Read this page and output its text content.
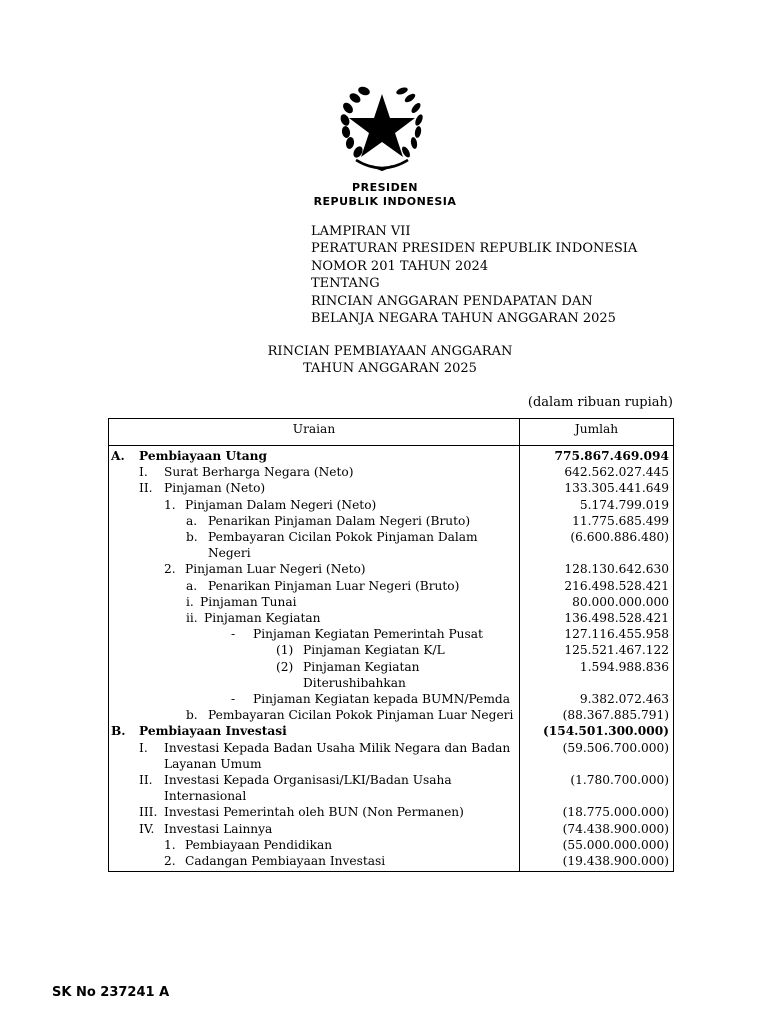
PRESIDEN
REPUBLIK INDONESIA
LAMPIRAN VII
PERATURAN PRESIDEN REPUBLIK INDONESIA
NOMOR 201 TAHUN 2024
TENTANG
RINCIAN ANGGARAN PENDAPATAN DAN
BELANJA NEGARA TAHUN ANGGARAN 2025
RINCIAN PEMBIAYAAN ANGGARAN
TAHUN ANGGARAN 2025
(dalam ribuan rupiah)
Uraian	Jumlah

A. Pembiayaan Utang	775.867.469.094

I. Surat Berharga Negara (Neto)	642.562.027.445

II. Pinjaman (Neto)	133.305.441.649

1. Pinjaman Dalam Negeri (Neto)	5.174.799.019

a. Penarikan Pinjaman Dalam Negeri (Bruto)	11.775.685.499

b. Pembayaran Cicilan Pokok Pinjaman Dalam Negeri	(6.600.886.480)

2. Pinjaman Luar Negeri (Neto)	128.130.642.630

a. Penarikan Pinjaman Luar Negeri (Bruto)	216.498.528.421

i. Pinjaman Tunai	80.000.000.000

ii. Pinjaman Kegiatan	136.498.528.421

- Pinjaman Kegiatan Pemerintah Pusat	127.116.455.958

(1) Pinjaman Kegiatan K/L	125.521.467.122

(2) Pinjaman Kegiatan Diterushibahkan	1.594.988.836

- Pinjaman Kegiatan kepada BUMN/Pemda	9.382.072.463

b. Pembayaran Cicilan Pokok Pinjaman Luar Negeri	(88.367.885.791)

B. Pembiayaan Investasi	(154.501.300.000)

I. Investasi Kepada Badan Usaha Milik Negara dan Badan Layanan Umum	(59.506.700.000)

II. Investasi Kepada Organisasi/LKI/Badan Usaha Internasional	(1.780.700.000)

III. Investasi Pemerintah oleh BUN (Non Permanen)	(18.775.000.000)

IV. Investasi Lainnya	(74.438.900.000)

1. Pembiayaan Pendidikan	(55.000.000.000)

2. Cadangan Pembiayaan Investasi	(19.438.900.000)
SK No 237241 A
